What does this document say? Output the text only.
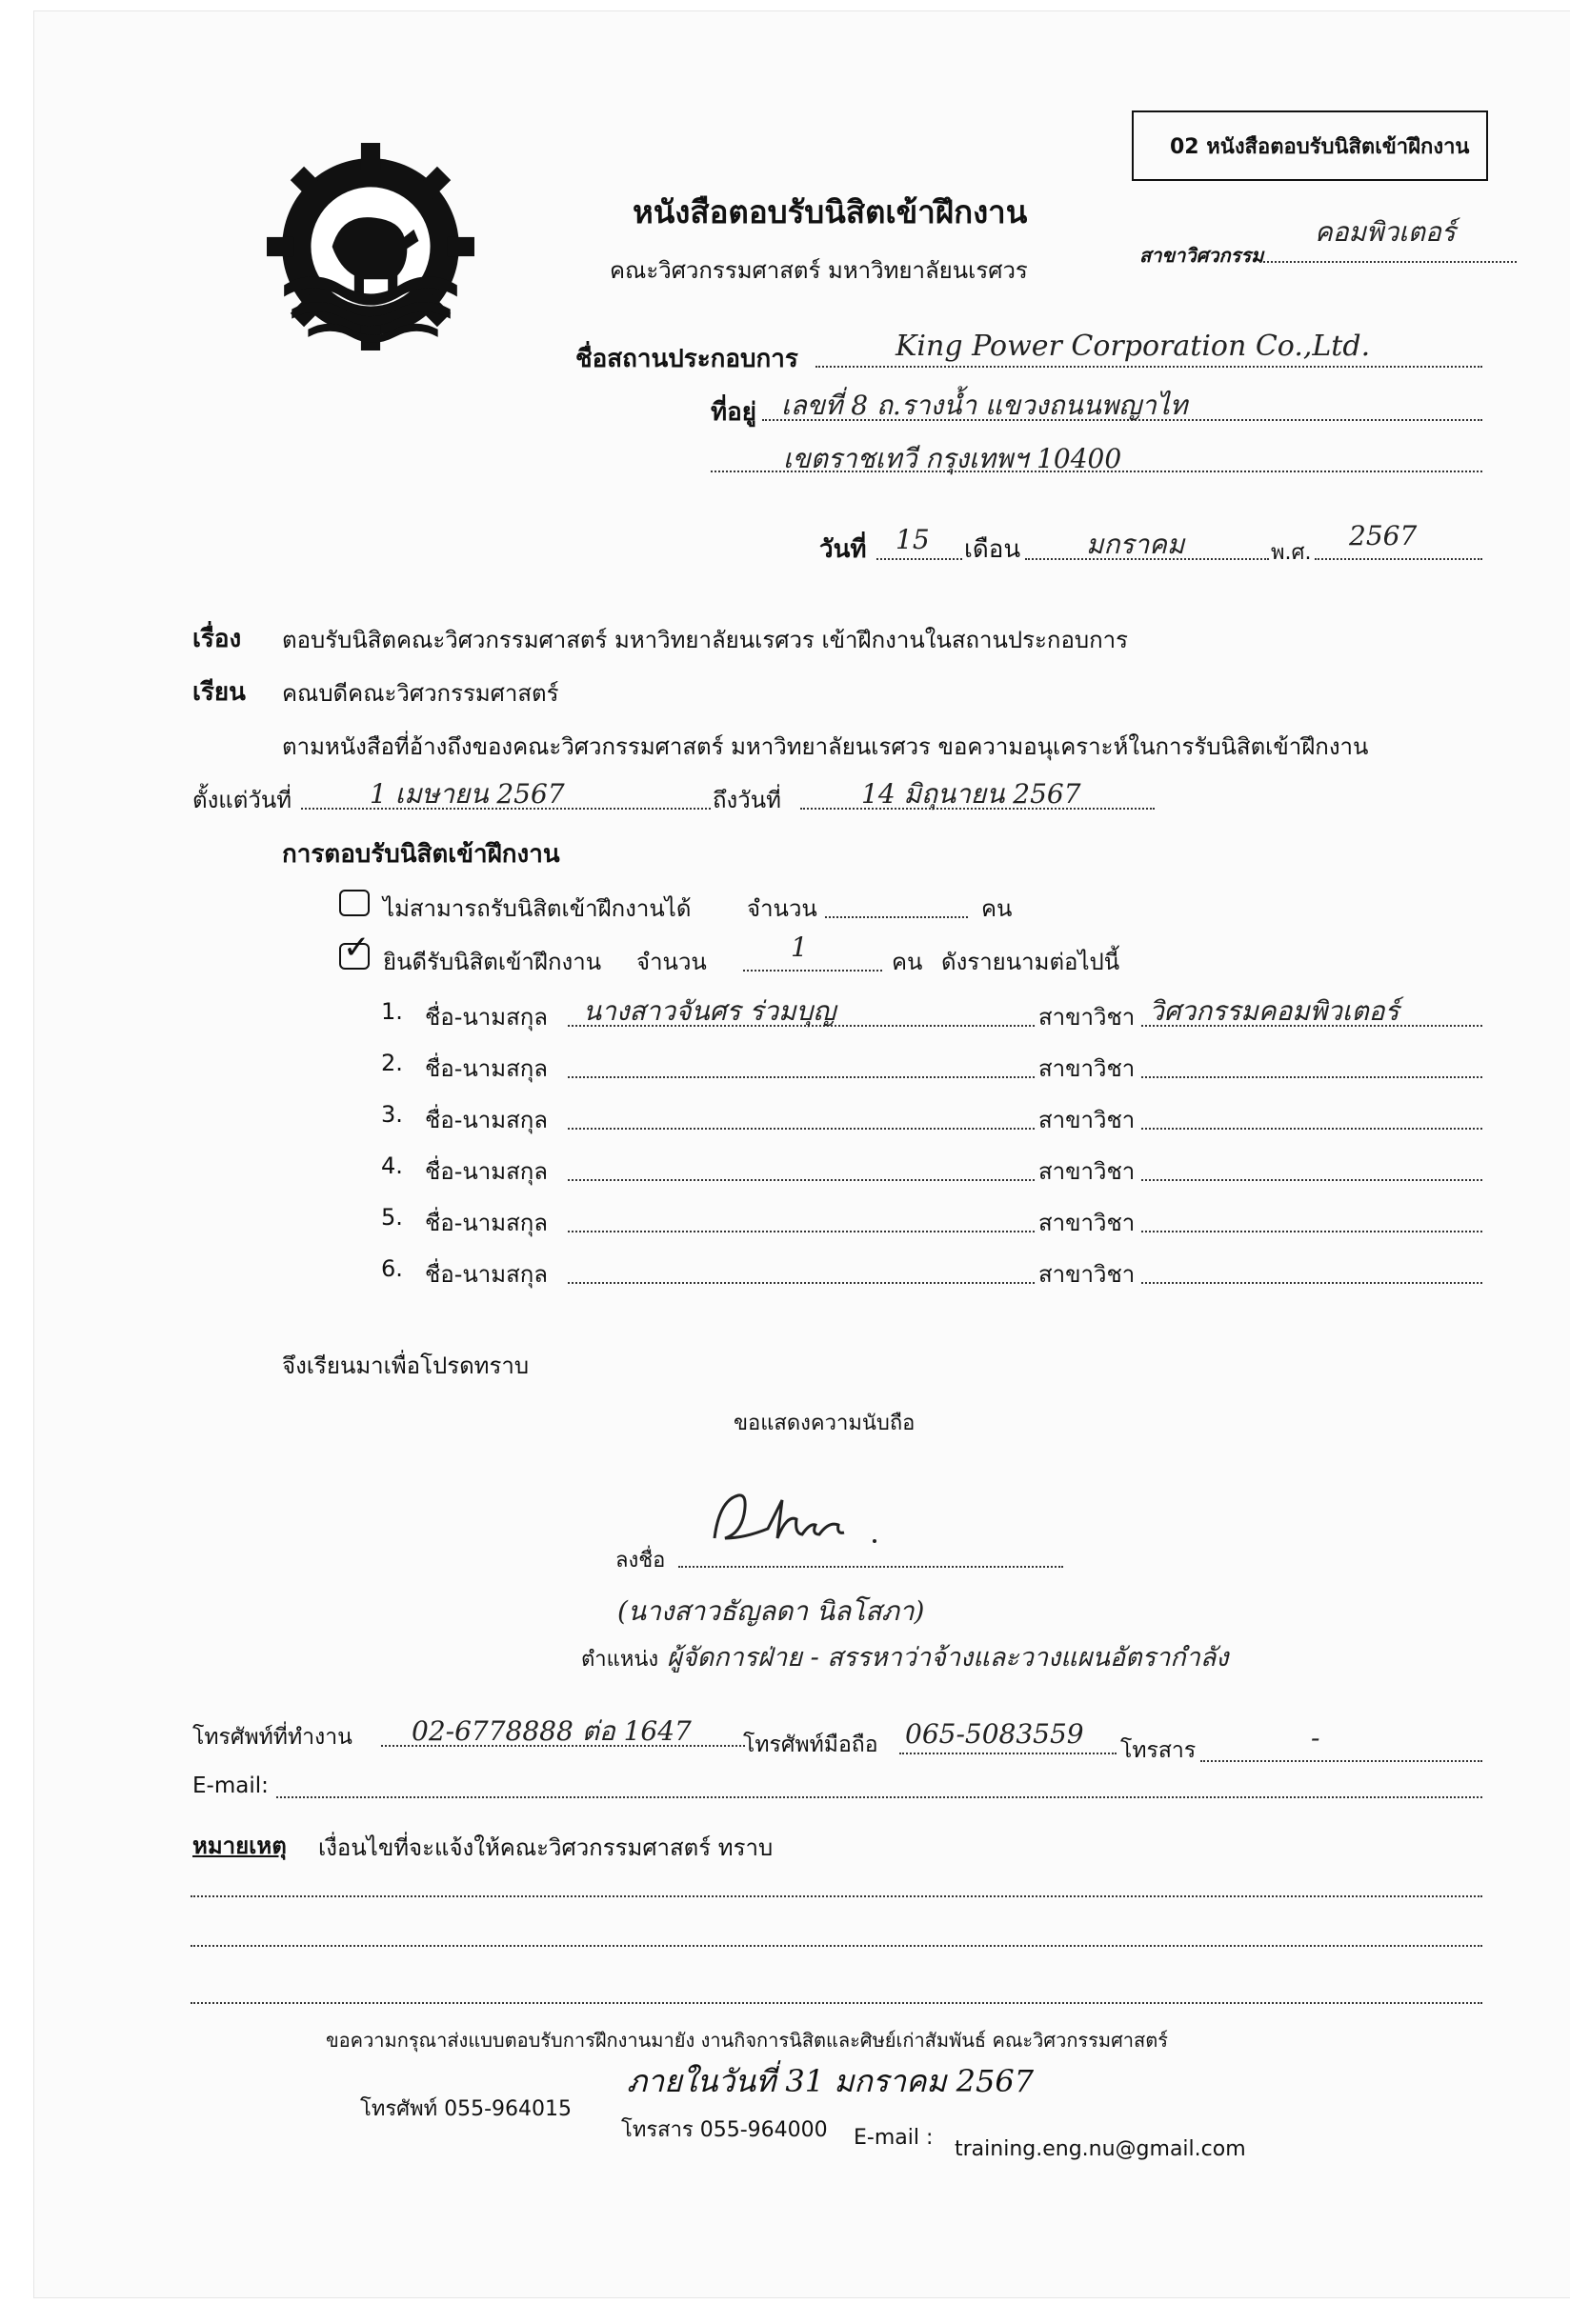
02 หนังสือตอบรับนิสิตเข้าฝึกงาน
หนังสือตอบรับนิสิตเข้าฝึกงาน
คณะวิศวกรรมศาสตร์ มหาวิทยาลัยนเรศวร
สาขาวิศวกรรม
คอมพิวเตอร์
ชื่อสถานประกอบการ	King Power Corporation Co.,Ltd.
ที่อยู่ เลขที่ 8 ถ.รางน้ำ แขวงถนนพญาไท
เขตราชเทวี กรุงเทพฯ 10400
วันที่ 15 เดือน มกราคม	พ.ศ.
2567
เรื่อง ตอบรับนิสิตคณะวิศวกรรมศาสตร์ มหาวิทยาลัยนเรศวร เข้าฝึกงานในสถานประกอบการ
เรียน คณบดีคณะวิศวกรรมศาสตร์
ตามหนังสือที่อ้างถึงของคณะวิศวกรรมศาสตร์ มหาวิทยาลัยนเรศวร ขอความอนุเคราะห์ในการรับนิสิตเข้าฝึกงาน
ตั้งแต่วันที่	1 เมษายน 2567	ถึงวันที่	14 มิถุนายน 2567
การตอบรับนิสิตเข้าฝึกงาน
ไม่สามารถรับนิสิตเข้าฝึกงานได้ จำนวน	คน
✓ ยินดีรับนิสิตเข้าฝึกงาน จำนวน	1	คน ดังรายนามต่อไปนี้
1. ชื่อ-นามสกุล นางสาวจันศร ร่วมบุญ	สาขาวิชา วิศวกรรมคอมพิวเตอร์
2. ชื่อ-นามสกุล	สาขาวิชา
3. ชื่อ-นามสกุล	สาขาวิชา
4. ชื่อ-นามสกุล	สาขาวิชา
5. ชื่อ-นามสกุล	สาขาวิชา
6. ชื่อ-นามสกุล	สาขาวิชา
จึงเรียนมาเพื่อโปรดทราบ
ขอแสดงความนับถือ
ลงชื่อ
(นางสาวธัญลดา นิลโสภา)
ตำแหน่ง ผู้จัดการฝ่าย - สรรหาว่าจ้างและวางแผนอัตรากำลัง
โทรศัพท์ที่ทำงาน 02-6778888 ต่อ 1647 โทรศัพท์มือถือ 065-5083559
โทรสาร	-
E-mail:
หมายเหตุ เงื่อนไขที่จะแจ้งให้คณะวิศวกรรมศาสตร์ ทราบ
ขอความกรุณาส่งแบบตอบรับการฝึกงานมายัง งานกิจการนิสิตและศิษย์เก่าสัมพันธ์ คณะวิศวกรรมศาสตร์
ภายในวันที่ 31 มกราคม 2567
โทรศัพท์ 055-964015
โทรสาร 055-964000 E-mail : training.eng.nu@gmail.com
